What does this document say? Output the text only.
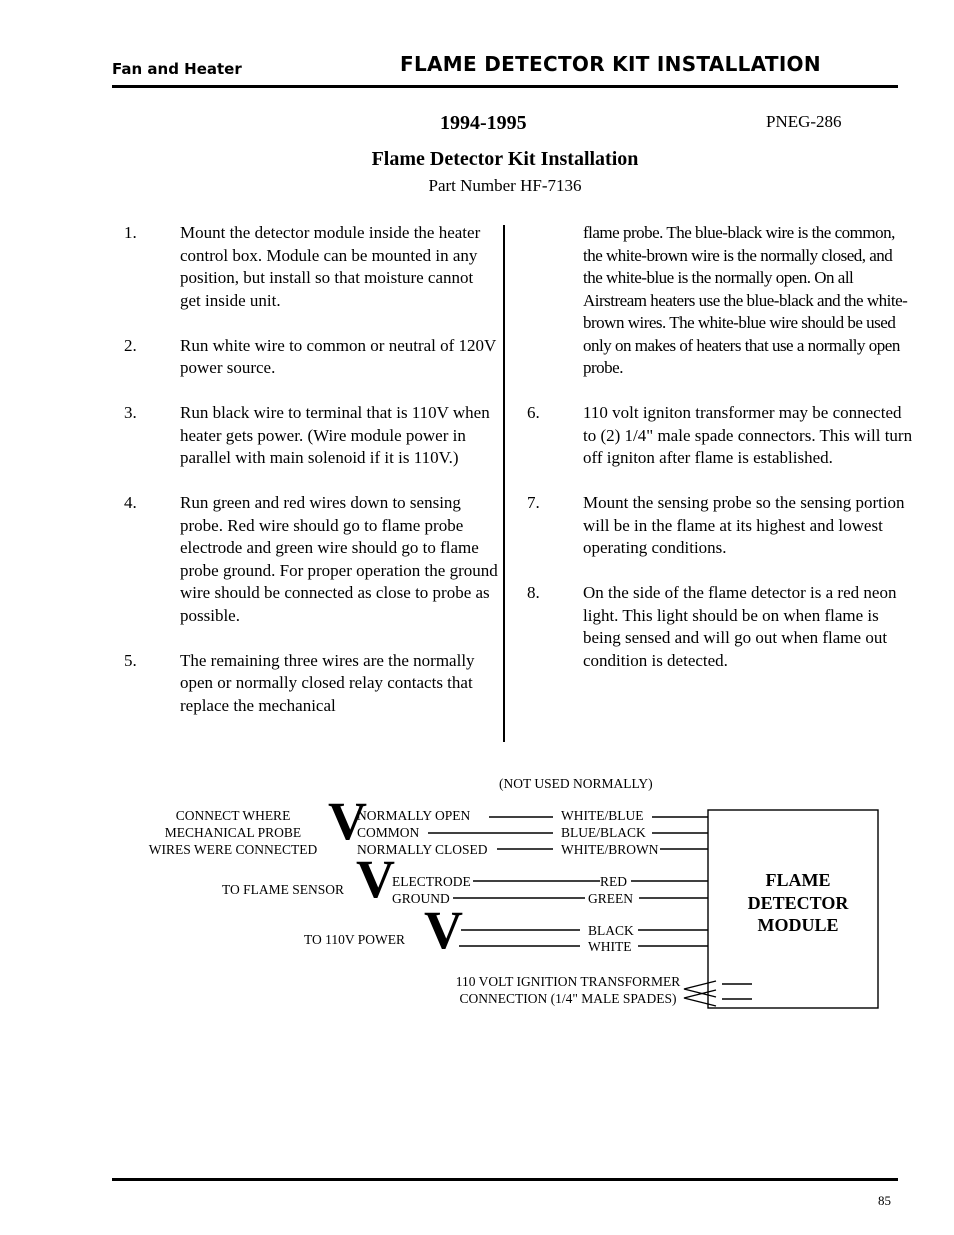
Fan and Heater	FLAME DETECTOR KIT INSTALLATION
1994-1995	PNEG-286
Flame Detector Kit Installation
Part Number HF-7136
1.	Mount the detector module inside the heater control box. Module can be mounted in any position, but install so that moisture cannot get inside unit.
2.	Run white wire to common or neutral of 120V power source.
3.	Run black wire to terminal that is 110V when heater gets power. (Wire module power in parallel with main solenoid if it is 110V.)
4.	Run green and red wires down to sensing probe. Red wire should go to flame probe electrode and green wire should go to flame probe ground. For proper operation the ground wire should be connected as close to probe as possible.
5.	The remaining three wires are the normally open or normally closed relay contacts that replace the mechanical
flame probe. The blue-black wire is the common, the white-brown wire is the normally closed, and the white-blue is the normally open. On all Airstream heaters use the blue-black and the white-brown wires. The white-blue wire should be used only on makes of heaters that use a normally open probe.
6.	110 volt igniton transformer may be connected to (2) 1/4" male spade connectors. This will turn off igniton after flame is established.
7.	Mount the sensing probe so the sensing portion will be in the flame at its highest and lowest operating conditions.
8.	On the side of the flame detector is a red neon light. This light should be on when flame is being sensed and will go out when flame out condition is detected.
(NOT USED NORMALLY)
CONNECT WHERE
MECHANICAL PROBE
WIRES WERE CONNECTED
TO FLAME SENSOR
TO 110V POWER
V
V
V
NORMALLY OPEN
COMMON
NORMALLY CLOSED
ELECTRODE
GROUND
WHITE/BLUE
BLUE/BLACK
WHITE/BROWN
RED
GREEN
BLACK
WHITE
110 VOLT IGNITION TRANSFORMER
CONNECTION (1/4" MALE SPADES)
FLAME
DETECTOR
MODULE
85
